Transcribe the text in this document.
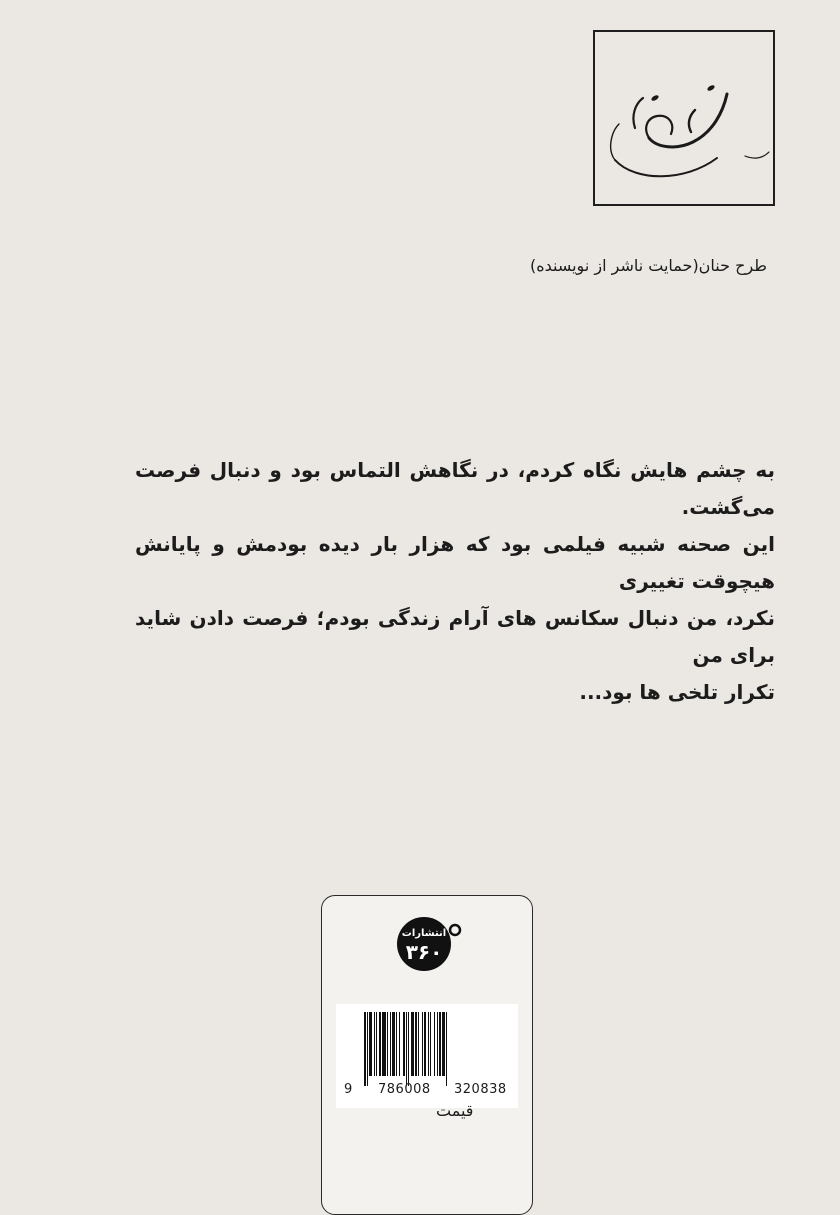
طرح حنان(حمایت ناشر از نویسنده)

به چشم هایش نگاه کردم، در نگاهش التماس بود و دنبال فرصت می‌گشت.
این صحنه شبیه فیلمی بود که هزار بار دیده بودمش و پایانش هیچوقت تغییری
نکرد، من دنبال سکانس های آرام زندگی بودم؛ فرصت دادن شاید برای من
تکرار تلخی ها بود...

انتشارات
۳۶۰
9 786008 320838
قیمت
